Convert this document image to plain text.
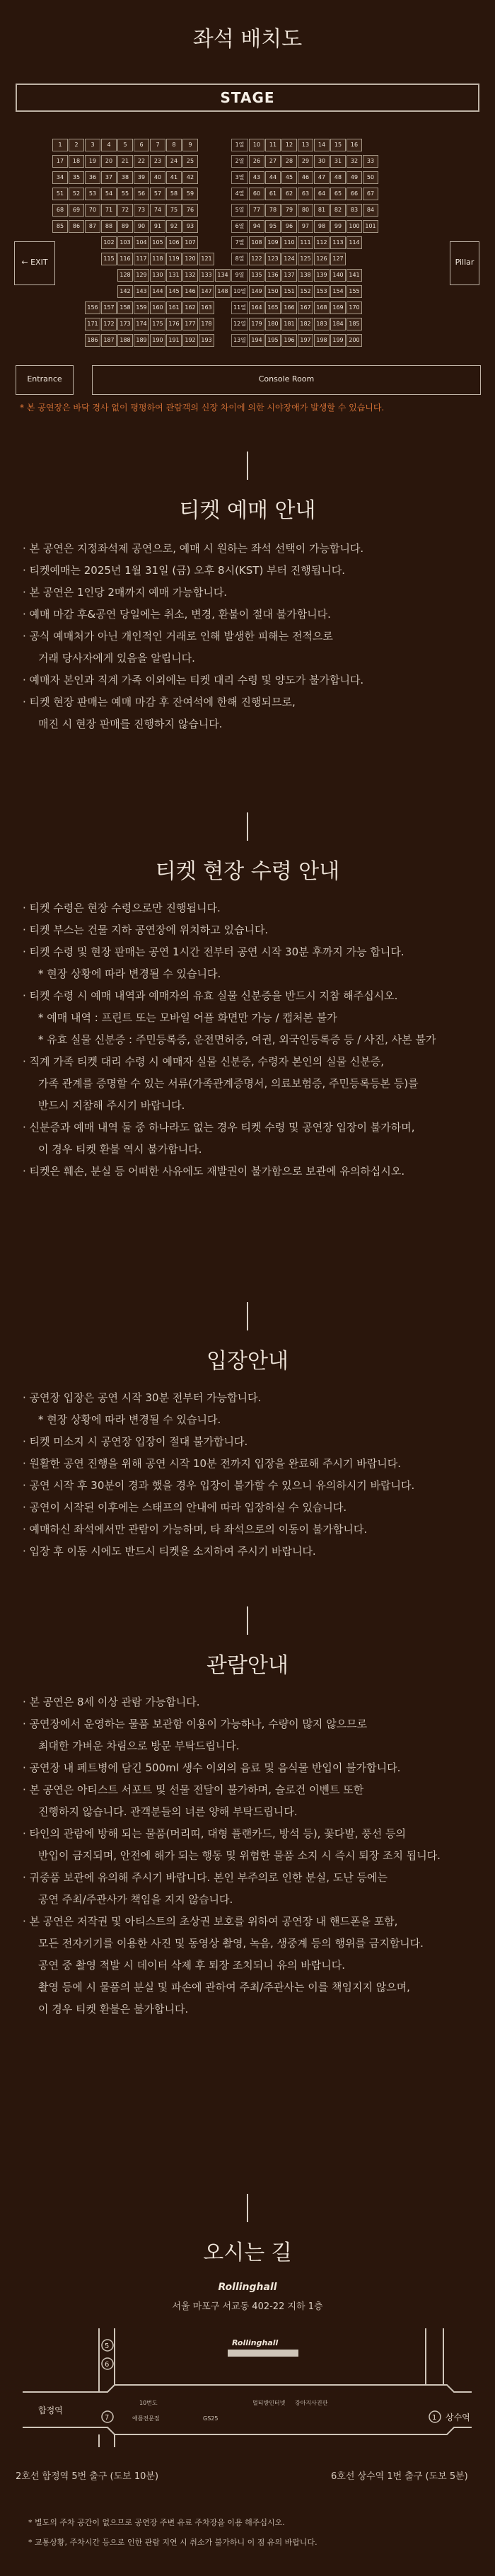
좌석 배치도
STAGE
1	2	3	4	5	6	7	8	9	1열	10	11	12	13	14	15	16
17	18	19	20	21	22	23	24	25	2열	26	27	28	29	30	31	32	33
34	35	36	37	38	39	40	41	42	3열	43	44	45	46	47	48	49	50
51	52	53	54	55	56	57	58	59	4열	60	61	62	63	64	65	66	67
68	69	70	71	72	73	74	75	76	5열	77	78	79	80	81	82	83	84
85	86	87	88	89	90	91	92	93	6열	94	95	96	97	98	99	100 101
102 103 104 105 106 107	7열	108 109 110 111 112 113 114
115 116 117 118 119 120 121	8열	122 123 124 125 126 127
128 129 130 131 132 133 134	9열	135 136 137 138 139 140 141
142 143 144 145 146 147 148 10열 149 150 151 152 153 154 155
156 157 158 159 160 161 162 163	11열 164 165 166 167 168 169 170
171 172 173 174 175 176 177 178	12열 179 180 181 182 183 184 185
186 187 188 189 190 191 192 193	13열 194 195 196 197 198 199 200
← EXIT	Pillar
Entrance	Console Room
* 본 공연장은 바닥 경사 없이 평평하여 관람객의 신장 차이에 의한 시야장애가 발생할 수 있습니다.
티켓 예매 안내
· 본 공연은 지정좌석제 공연으로, 예매 시 원하는 좌석 선택이 가능합니다.
· 티켓예매는 2025년 1월 31일 (금) 오후 8시(KST) 부터 진행됩니다.
· 본 공연은 1인당 2매까지 예매 가능합니다.
· 예매 마감 후&공연 당일에는 취소, 변경, 환불이 절대 불가합니다.
· 공식 예매처가 아닌 개인적인 거래로 인해 발생한 피해는 전적으로
거래 당사자에게 있음을 알립니다.
· 예매자 본인과 직계 가족 이외에는 티켓 대리 수령 및 양도가 불가합니다.
· 티켓 현장 판매는 예매 마감 후 잔여석에 한해 진행되므로,
매진 시 현장 판매를 진행하지 않습니다.
티켓 현장 수령 안내
· 티켓 수령은 현장 수령으로만 진행됩니다.
· 티켓 부스는 건물 지하 공연장에 위치하고 있습니다.
· 티켓 수령 및 현장 판매는 공연 1시간 전부터 공연 시작 30분 후까지 가능 합니다.
* 현장 상황에 따라 변경될 수 있습니다.
· 티켓 수령 시 예매 내역과 예매자의 유효 실물 신분증을 반드시 지참 해주십시오.
* 예매 내역 : 프린트 또는 모바일 어플 화면만 가능 / 캡처본 불가
* 유효 실물 신분증 : 주민등록증, 운전면허증, 여권, 외국인등록증 등 / 사진, 사본 불가
· 직계 가족 티켓 대리 수령 시 예매자 실물 신분증, 수령자 본인의 실물 신분증,
가족 관계를 증명할 수 있는 서류(가족관계증명서, 의료보험증, 주민등록등본 등)를
반드시 지참해 주시기 바랍니다.
· 신분증과 예매 내역 둘 중 하나라도 없는 경우 티켓 수령 및 공연장 입장이 불가하며,
이 경우 티켓 환불 역시 불가합니다.
· 티켓은 훼손, 분실 등 어떠한 사유에도 재발권이 불가함으로 보관에 유의하십시오.
입장안내
· 공연장 입장은 공연 시작 30분 전부터 가능합니다.
* 현장 상황에 따라 변경될 수 있습니다.
· 티켓 미소지 시 공연장 입장이 절대 불가합니다.
· 원활한 공연 진행을 위해 공연 시작 10분 전까지 입장을 완료해 주시기 바랍니다.
· 공연 시작 후 30분이 경과 했을 경우 입장이 불가할 수 있으니 유의하시기 바랍니다.
· 공연이 시작된 이후에는 스태프의 안내에 따라 입장하실 수 있습니다.
· 예매하신 좌석에서만 관람이 가능하며, 타 좌석으로의 이동이 불가합니다.
· 입장 후 이동 시에도 반드시 티켓을 소지하여 주시기 바랍니다.
관람안내
· 본 공연은 8세 이상 관람 가능합니다.
· 공연장에서 운영하는 물품 보관함 이용이 가능하나, 수량이 많지 않으므로
최대한 가벼운 차림으로 방문 부탁드립니다.
· 공연장 내 페트병에 담긴 500ml 생수 이외의 음료 및 음식물 반입이 불가합니다.
· 본 공연은 아티스트 서포트 및 선물 전달이 불가하며, 슬로건 이벤트 또한
진행하지 않습니다. 관객분들의 너른 양해 부탁드립니다.
· 타인의 관람에 방해 되는 물품(머리띠, 대형 플랜카드, 방석 등), 꽃다발, 풍선 등의
반입이 금지되며, 안전에 해가 되는 행동 및 위험한 물품 소지 시 즉시 퇴장 조치 됩니다.
· 귀중품 보관에 유의해 주시기 바랍니다. 본인 부주의로 인한 분실, 도난 등에는
공연 주최/주관사가 책임을 지지 않습니다.
· 본 공연은 저작권 및 아티스트의 초상권 보호를 위하여 공연장 내 핸드폰을 포함,
모든 전자기기를 이용한 사진 및 동영상 촬영, 녹음, 생중계 등의 행위를 금지합니다.
공연 중 촬영 적발 시 데이터 삭제 후 퇴장 조치되니 유의 바랍니다.
촬영 등에 시 물품의 분실 및 파손에 관하여 주최/주관사는 이를 책임지지 않으며,
이 경우 티켓 환불은 불가합니다.
오시는 길
Rollinghall
서울 마포구 서교동 402-22 지하 1층
5
6
7	1
합정역
상수역
Rollinghall
10번도
애플전문점	GS25
멀티방인터넷 강아지사진관
2호선 합정역 5번 출구 (도보 10분)	6호선 상수역 1번 출구 (도보 5분)
* 별도의 주차 공간이 없으므로 공연장 주변 유료 주차장을 이용 해주십시오.
* 교통상황, 주차시간 등으로 인한 관람 지연 시 취소가 불가하니 이 점 유의 바랍니다.
